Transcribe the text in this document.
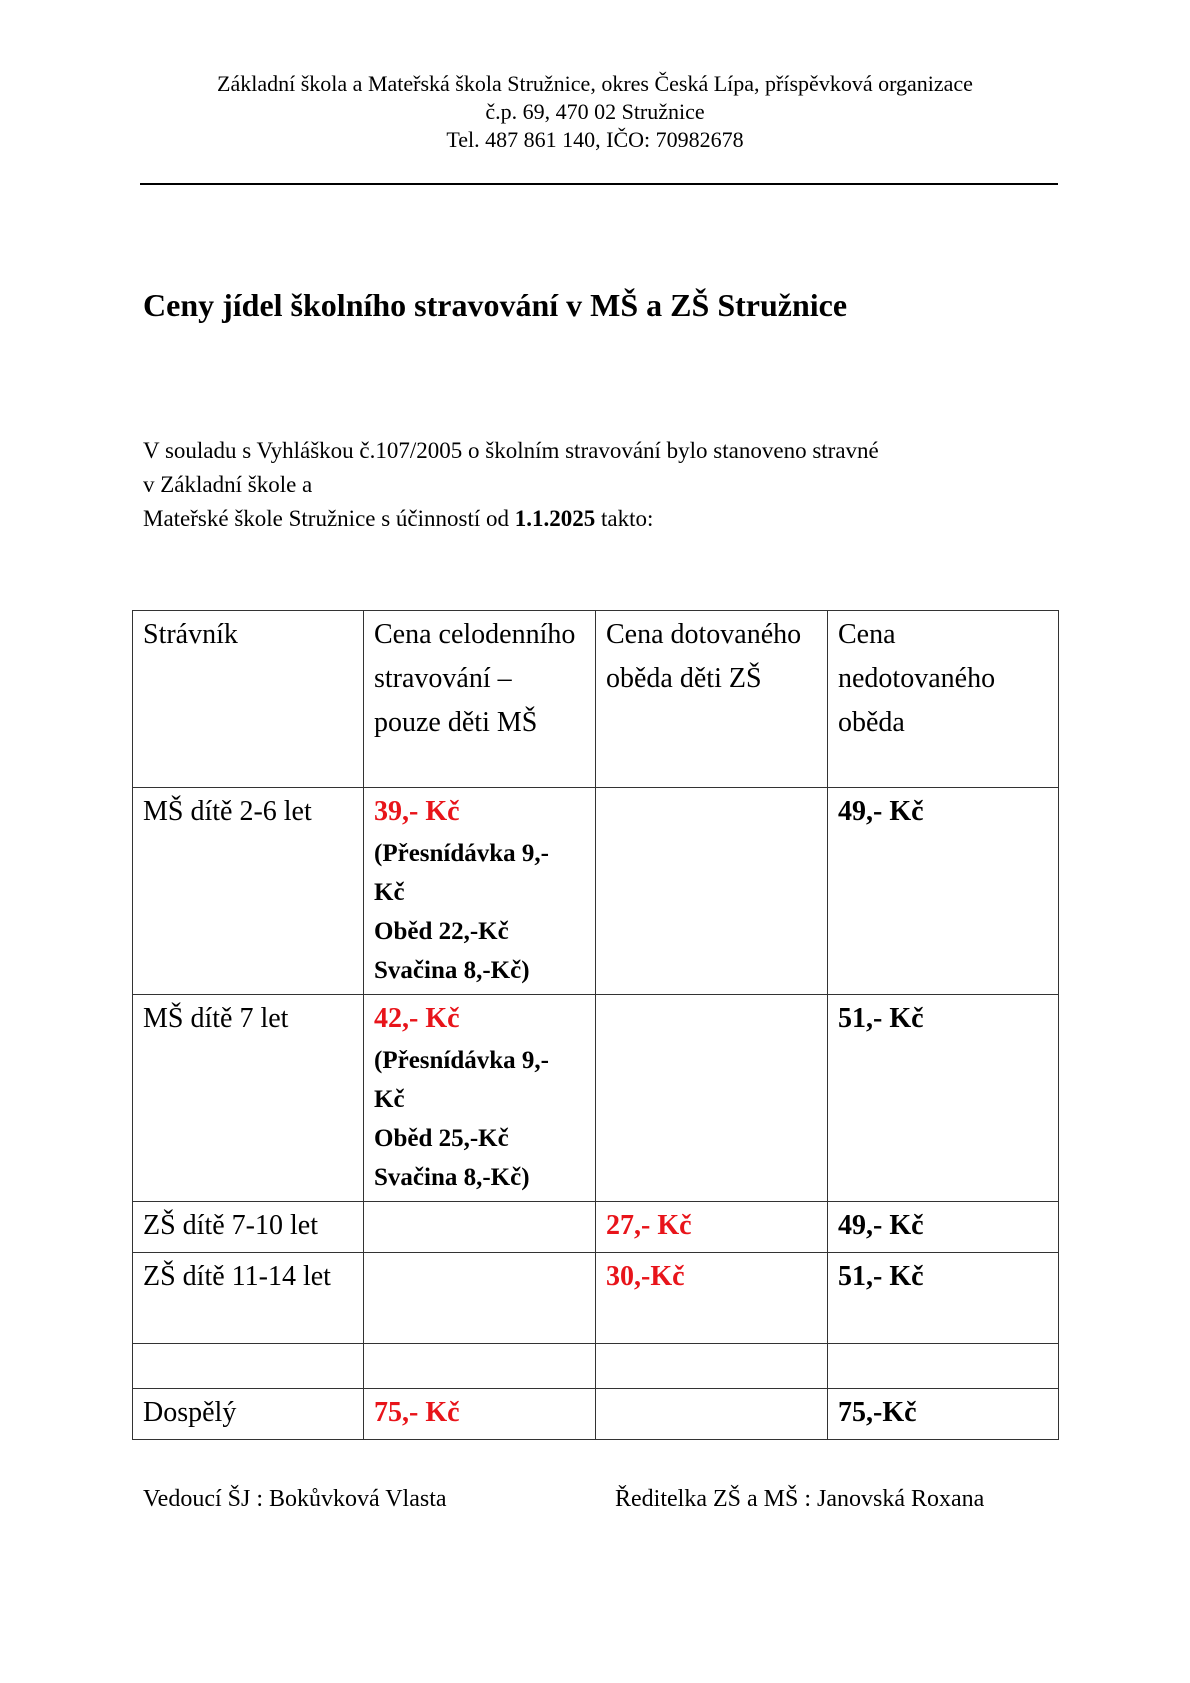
Základní škola a Mateřská škola Stružnice, okres Česká Lípa, příspěvková organizace
č.p. 69, 470 02 Stružnice
Tel. 487 861 140, IČO: 70982678
Ceny jídel školního stravování v MŠ a ZŠ Stružnice
V souladu s Vyhláškou č.107/2005 o školním stravování bylo stanoveno stravné
v Základní škole a
Mateřské škole Stružnice s účinností od 1.1.2025 takto:
Strávník	Cena celodenního stravování – pouze děti MŠ	Cena dotovaného oběda děti ZŠ	Cena nedotovaného oběda

MŠ dítě 2-6 let	39,- Kč
(Přesnídávka 9,-
Kč
Oběd 22,-Kč
Svačina 8,-Kč)		49,- Kč
MŠ dítě 7 let	42,- Kč
(Přesnídávka 9,-
Kč
Oběd 25,-Kč
Svačina 8,-Kč)		51,- Kč
ZŠ dítě 7-10 let		27,- Kč	49,- Kč
ZŠ dítě 11-14 let		30,-Kč	51,- Kč

Dospělý	75,- Kč		75,-Kč
Vedoucí ŠJ : Bokůvková Vlasta	Ředitelka ZŠ a MŠ : Janovská Roxana
